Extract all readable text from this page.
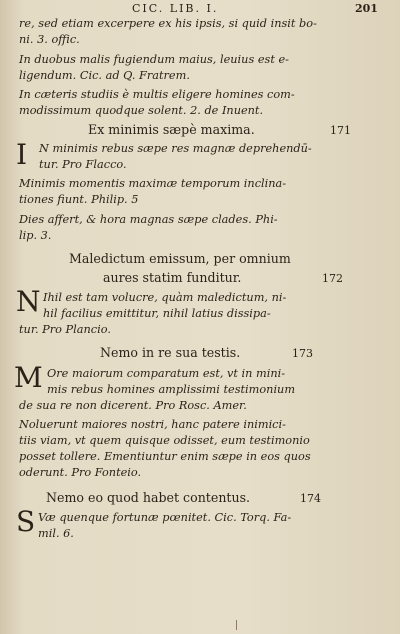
CIC. LIB. I.	201
re, sed etiam excerpere ex his ipsis, si quid insit bo-
ni. 3. offic.
In duobus malis fugiendum maius, leuius est e-
ligendum. Cic. ad Q. Fratrem.
In cæteris studiis è multis eligere homines com-
modissimum quodque solent. 2. de Inuent.
Ex minimis sæpè maxima.	171
I N minimis rebus sæpe res magnæ deprehendū-
tur. Pro Flacco.
Minimis momentis maximæ temporum inclina-
tiones fiunt. Philip. 5
Dies affert, & hora magnas sæpe clades. Phi-
lip. 3.
Maledictum emissum, per omnium
aures statim funditur.	172
N Ihil est tam volucre, quàm maledictum, ni-
hil facilius emittitur, nihil latius dissipa-
tur. Pro Plancio.
Nemo in re sua testis.	173
M Ore maiorum comparatum est, vt in mini-
mis rebus homines amplissimi testimonium
de sua re non dicerent. Pro Rosc. Amer.
Noluerunt maiores nostri, hanc patere inimici-
tiis viam, vt quem quisque odisset, eum testimonio
posset tollere. Ementiuntur enim sæpe in eos quos
oderunt. Pro Fonteio.
Nemo eo quod habet contentus.	174
S Væ quenque fortunæ pœnitet. Cic. Torq. Fa-
mil. 6.
